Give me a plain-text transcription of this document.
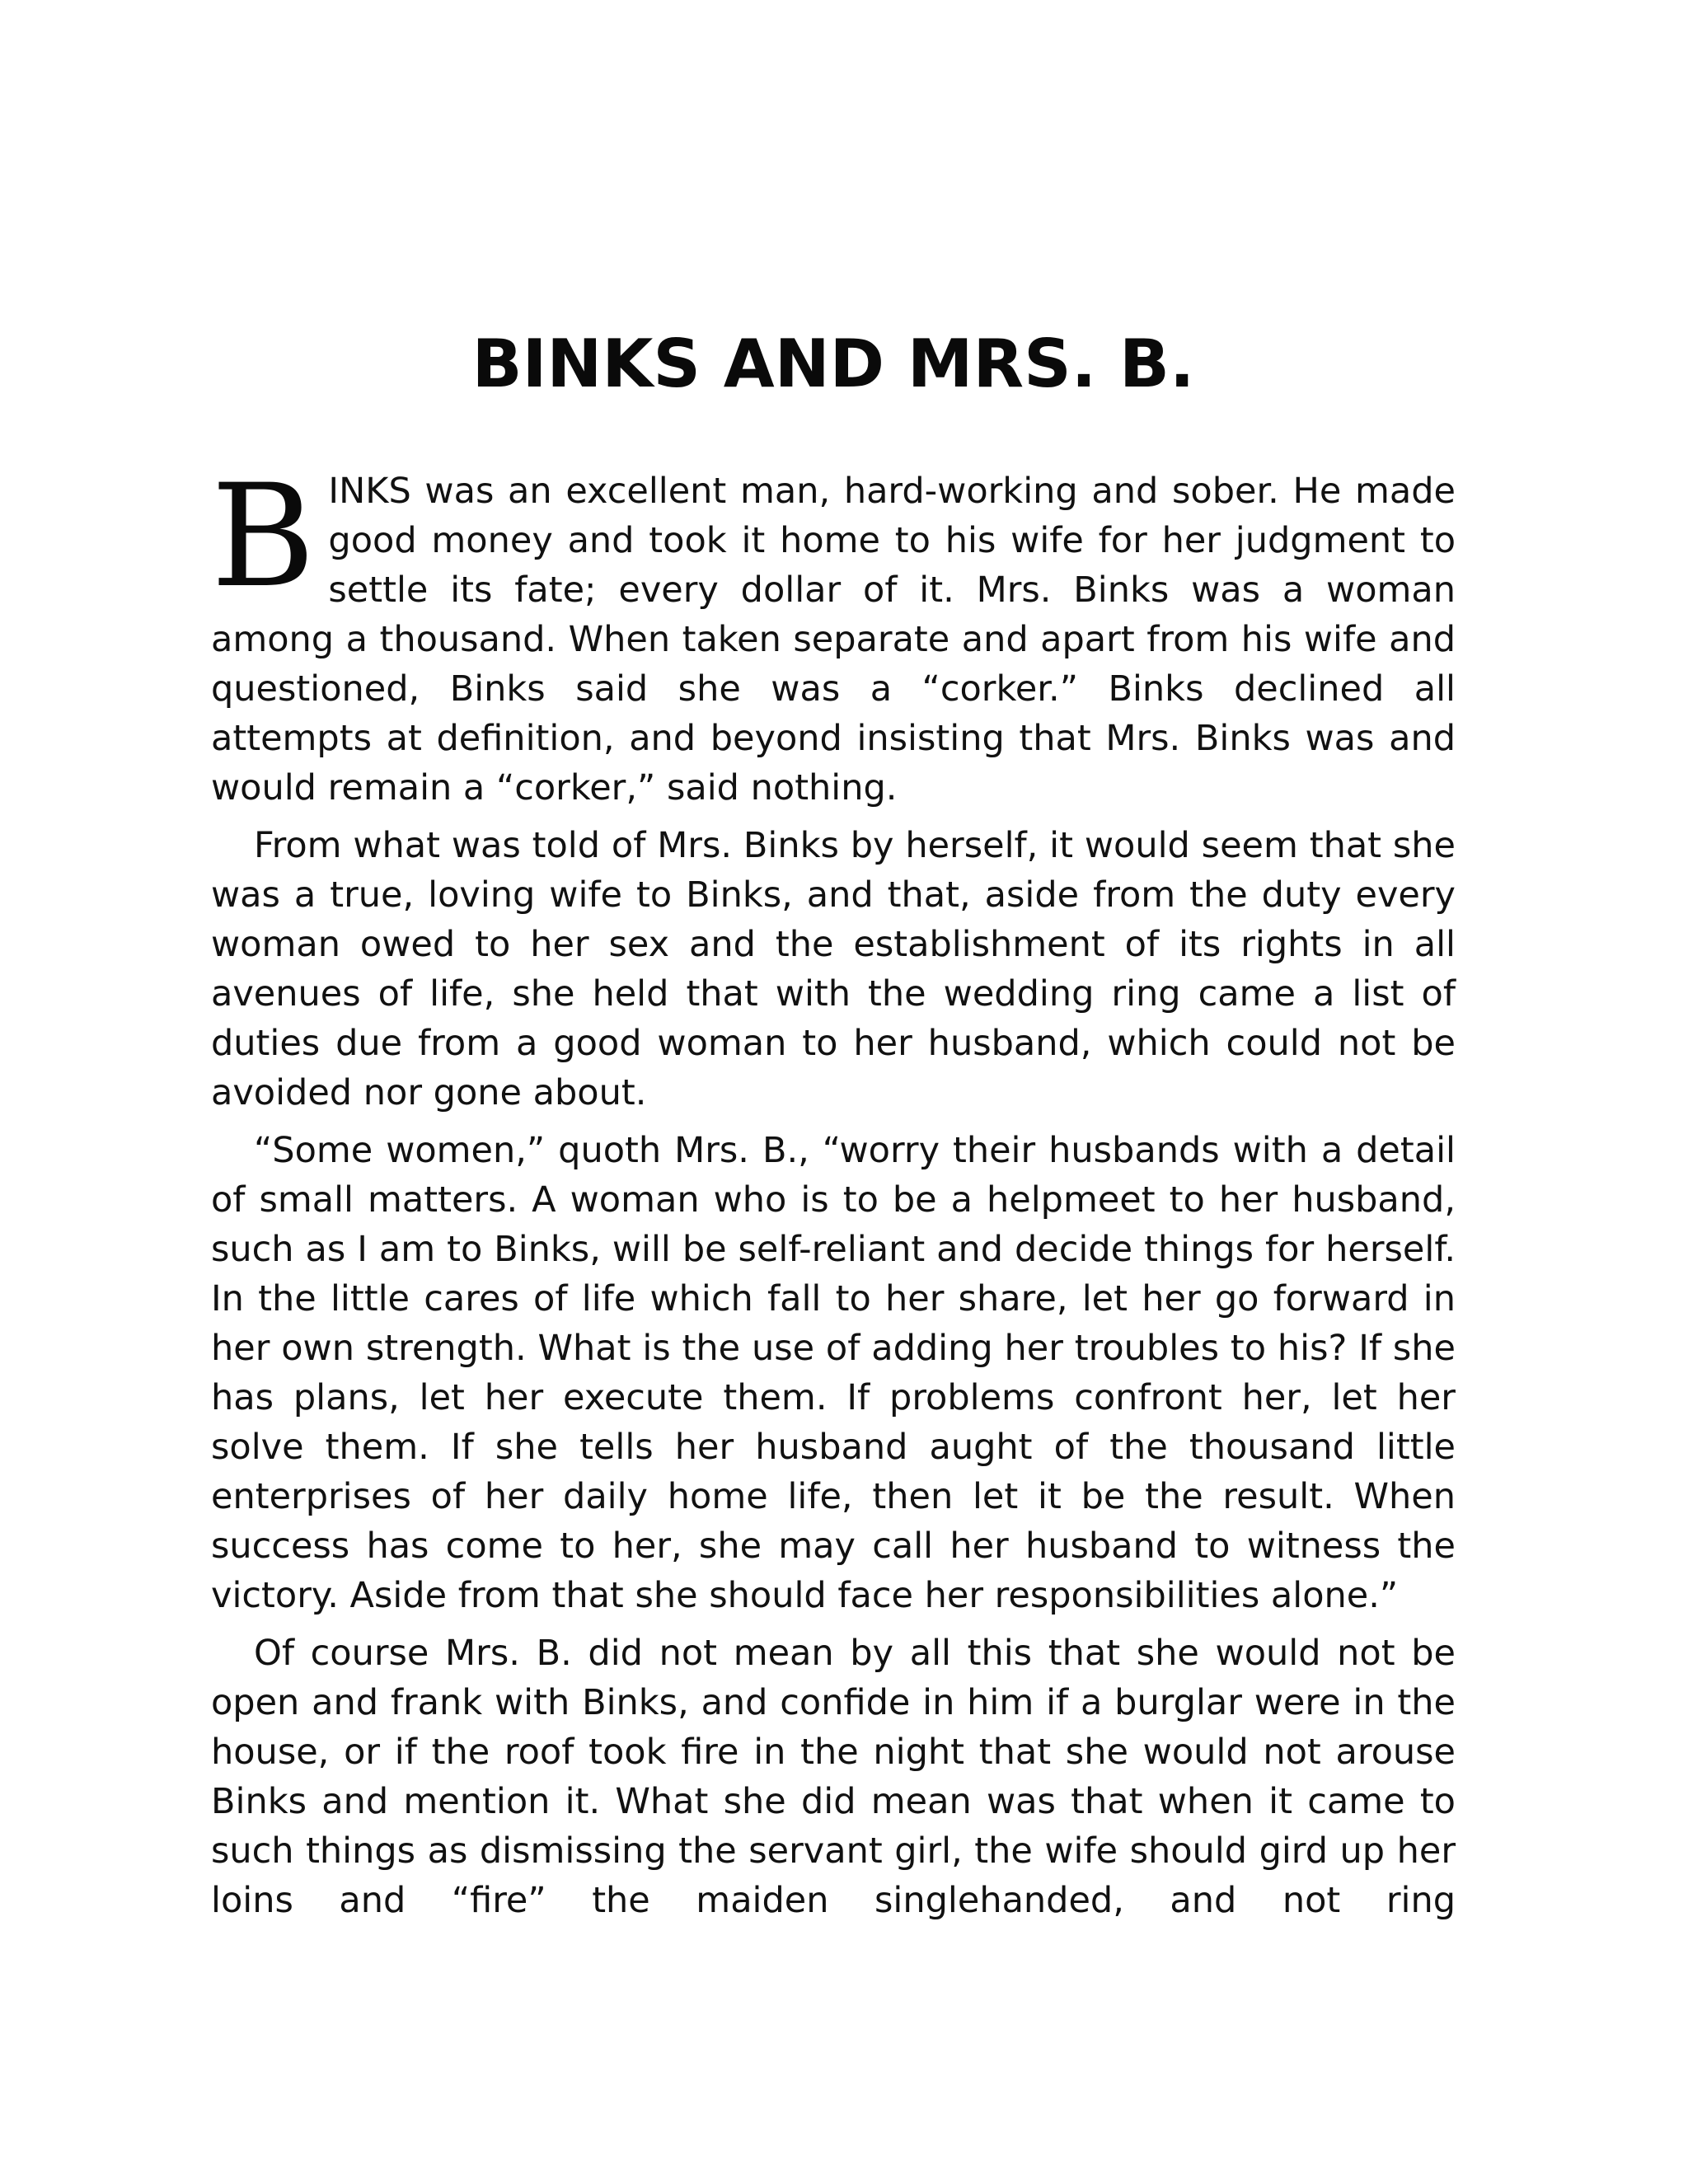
BINKS AND MRS. B.

BINKS was an excellent man, hard-working and sober. He made good money and took it home to his wife for her judgment to settle its fate; every dollar of it. Mrs. Binks was a woman among a thousand. When taken separate and apart from his wife and questioned, Binks said she was a “corker.” Binks declined all attempts at definition, and beyond insisting that Mrs. Binks was and would remain a “corker,” said nothing.

From what was told of Mrs. Binks by herself, it would seem that she was a true, loving wife to Binks, and that, aside from the duty every woman owed to her sex and the establishment of its rights in all avenues of life, she held that with the wedding ring came a list of duties due from a good woman to her husband, which could not be avoided nor gone about.

“Some women,” quoth Mrs. B., “worry their husbands with a detail of small matters. A woman who is to be a helpmeet to her husband, such as I am to Binks, will be self-reliant and decide things for herself. In the little cares of life which fall to her share, let her go forward in her own strength. What is the use of adding her troubles to his? If she has plans, let her execute them. If problems confront her, let her solve them. If she tells her husband aught of the thousand little enterprises of her daily home life, then let it be the result. When success has come to her, she may call her husband to witness the victory. Aside from that she should face her responsibilities alone.”

Of course Mrs. B. did not mean by all this that she would not be open and frank with Binks, and confide in him if a burglar were in the house, or if the roof took fire in the night that she would not arouse Binks and mention it. What she did mean was that when it came to such things as dismissing the servant girl, the wife should gird up her loins and “fire” the maiden singlehanded, and not ring
